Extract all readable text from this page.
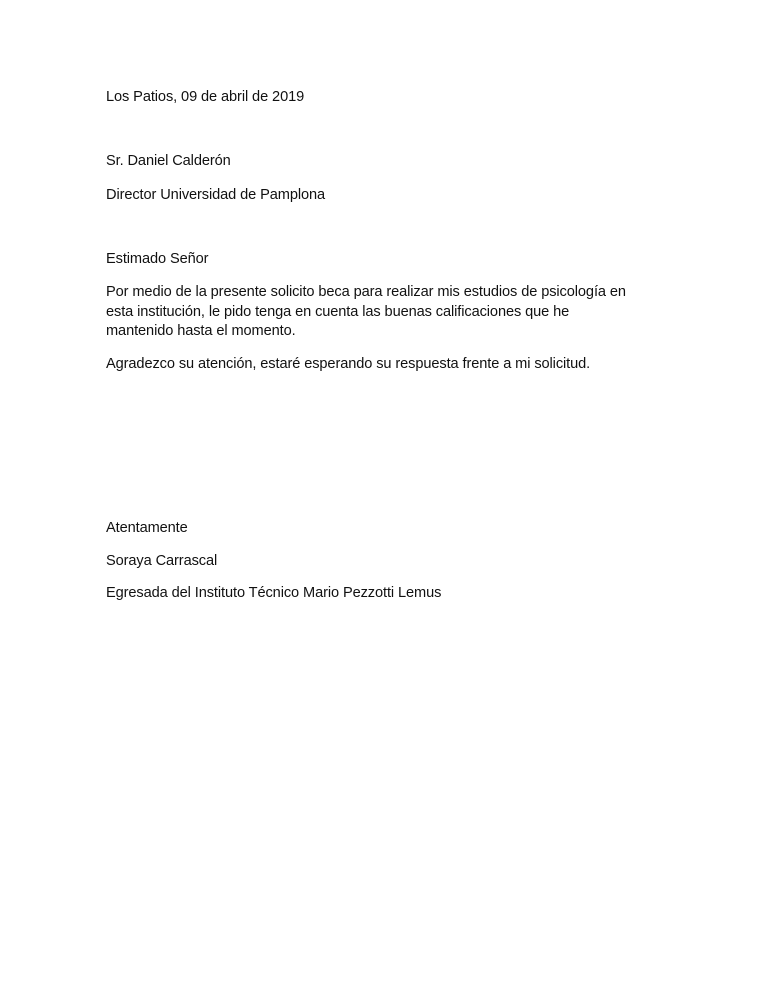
Los Patios, 09 de abril de 2019

Sr. Daniel Calderón

Director Universidad de Pamplona

Estimado Señor

Por medio de la presente solicito beca para realizar mis estudios de psicología en
esta institución, le pido tenga en cuenta las buenas calificaciones que he
mantenido hasta el momento.

Agradezco su atención, estaré esperando su respuesta frente a mi solicitud.

Atentamente

Soraya Carrascal

Egresada del Instituto Técnico Mario Pezzotti Lemus
